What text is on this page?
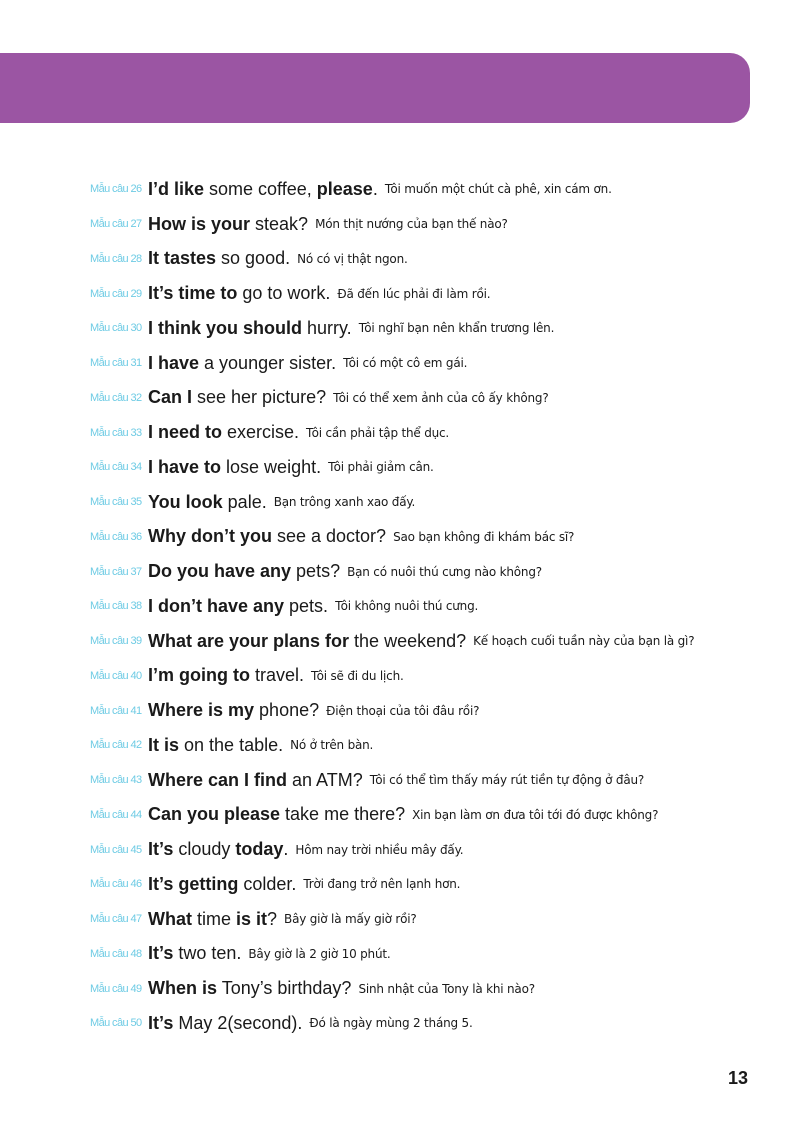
Mẫu câu 26 I’d like some coffee, please. Tôi muốn một chút cà phê, xin cám ơn.
Mẫu câu 27 How is your steak? Món thịt nướng của bạn thế nào?
Mẫu câu 28 It tastes so good. Nó có vị thật ngon.
Mẫu câu 29 It’s time to go to work. Đã đến lúc phải đi làm rồi.
Mẫu câu 30 I think you should hurry. Tôi nghĩ bạn nên khẩn trương lên.
Mẫu câu 31 I have a younger sister. Tôi có một cô em gái.
Mẫu câu 32 Can I see her picture? Tôi có thể xem ảnh của cô ấy không?
Mẫu câu 33 I need to exercise. Tôi cần phải tập thể dục.
Mẫu câu 34 I have to lose weight. Tôi phải giảm cân.
Mẫu câu 35 You look pale. Bạn trông xanh xao đấy.
Mẫu câu 36 Why don’t you see a doctor? Sao bạn không đi khám bác sĩ?
Mẫu câu 37 Do you have any pets? Bạn có nuôi thú cưng nào không?
Mẫu câu 38 I don’t have any pets. Tôi không nuôi thú cưng.
Mẫu câu 39 What are your plans for the weekend? Kế hoạch cuối tuần này của bạn là gì?
Mẫu câu 40 I’m going to travel. Tôi sẽ đi du lịch.
Mẫu câu 41 Where is my phone? Điện thoại của tôi đâu rồi?
Mẫu câu 42 It is on the table. Nó ở trên bàn.
Mẫu câu 43 Where can I find an ATM? Tôi có thể tìm thấy máy rút tiền tự động ở đâu?
Mẫu câu 44 Can you please take me there? Xin bạn làm ơn đưa tôi tới đó được không?
Mẫu câu 45 It’s cloudy today. Hôm nay trời nhiều mây đấy.
Mẫu câu 46 It’s getting colder. Trời đang trở nên lạnh hơn.
Mẫu câu 47 What time is it? Bây giờ là mấy giờ rồi?
Mẫu câu 48 It’s two ten. Bây giờ là 2 giờ 10 phút.
Mẫu câu 49 When is Tony’s birthday? Sinh nhật của Tony là khi nào?
Mẫu câu 50 It’s May 2(second). Đó là ngày mùng 2 tháng 5.
13
